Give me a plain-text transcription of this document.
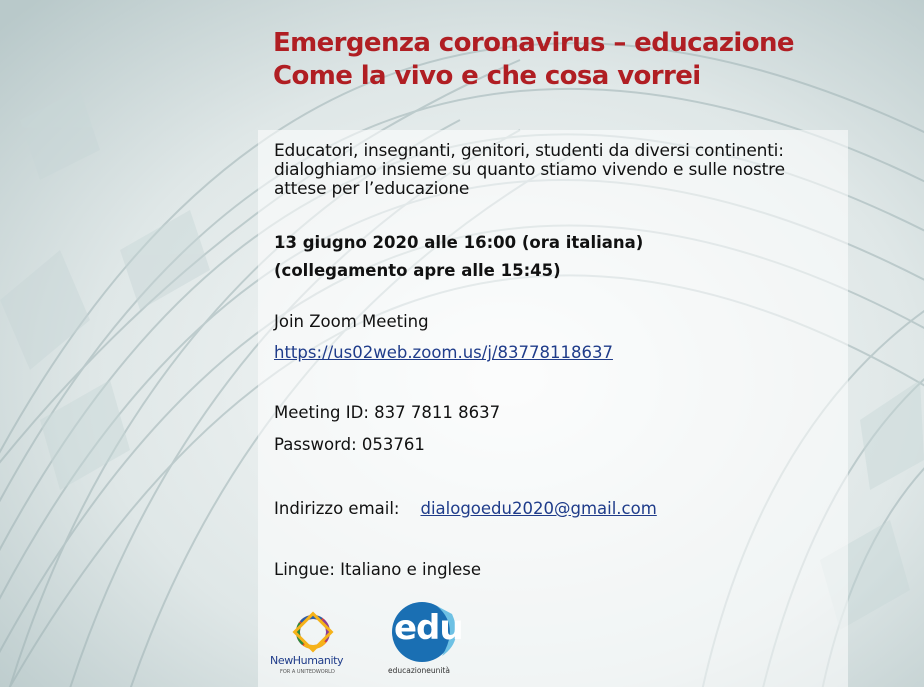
Emergenza coronavirus – educazione
Come la vivo e che cosa vorrei
Educatori, insegnanti, genitori, studenti da diversi continenti: dialoghiamo insieme su quanto stiamo vivendo e sulle nostre attese per l’educazione
13 giugno 2020 alle 16:00 (ora italiana)
(collegamento apre alle 15:45)
Join Zoom Meeting
https://us02web.zoom.us/j/83778118637
Meeting ID: 837 7811 8637
Password: 053761
Indirizzo email: dialogoedu2020@gmail.com
Lingue: Italiano e inglese
NewHumanity
FOR A UNITEDWORLD
edu
educazioneunità
